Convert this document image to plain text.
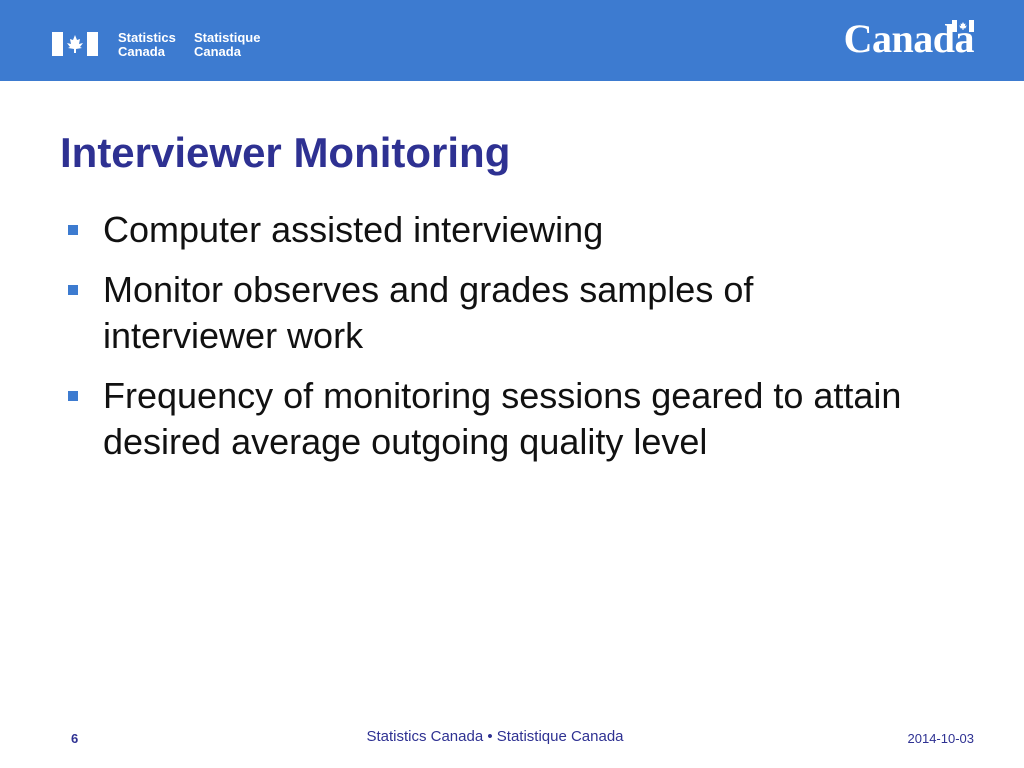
Statistics
Canada
Statistique
Canada	Canada
Interviewer Monitoring
Computer assisted interviewing
Monitor observes and grades samples of interviewer work
Frequency of monitoring sessions geared to attain desired average outgoing quality level
6	Statistics Canada • Statistique Canada	2014-10-03
